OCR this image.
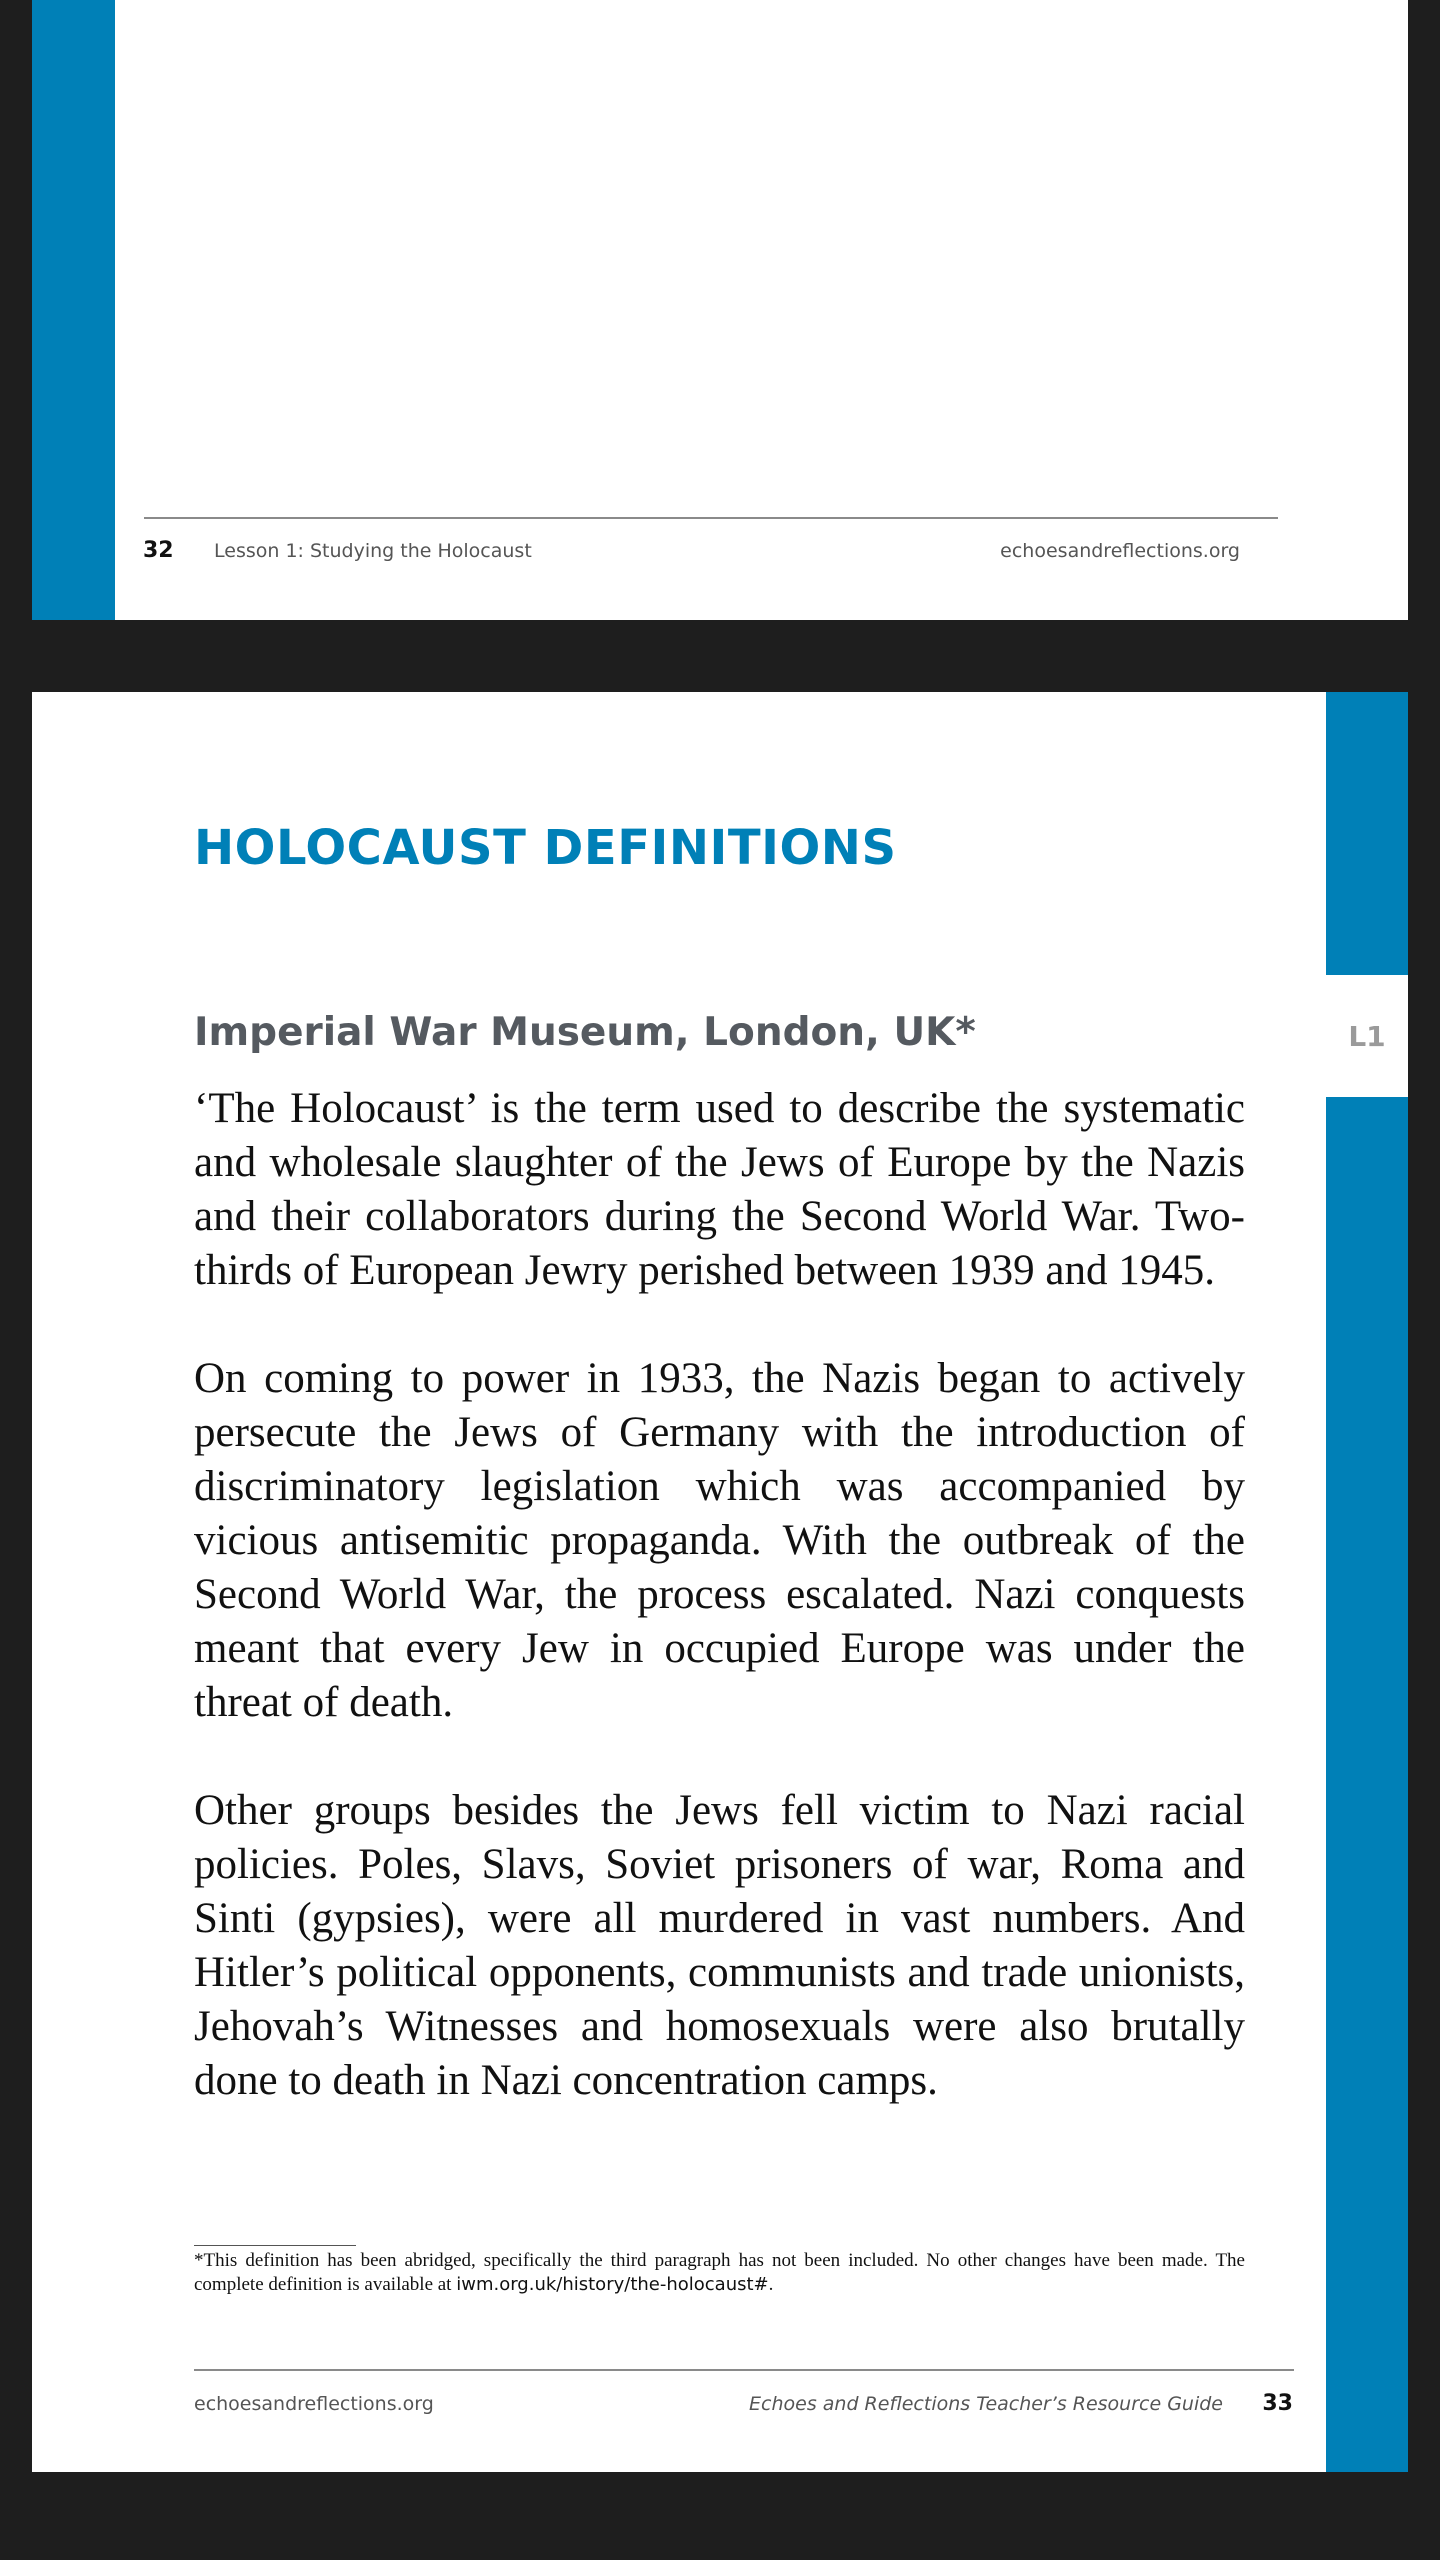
32 Lesson 1: Studying the Holocaust	echoesandreflections.org
L1
HOLOCAUST DEFINITIONS
Imperial War Museum, London, UK*

‘The Holocaust’ is the term used to describe the systematic and wholesale slaughter of the Jews of Europe by the Nazis and their collaborators during the Second World War. Two-thirds of European Jewry perished between 1939 and 1945.

On coming to power in 1933, the Nazis began to actively persecute the Jews of Germany with the introduction of discriminatory legislation which was accompanied by vicious antisemitic propaganda. With the outbreak of the Second World War, the process escalated. Nazi conquests meant that every Jew in occupied Europe was under the threat of death.

Other groups besides the Jews fell victim to Nazi racial policies. Poles, Slavs, Soviet prisoners of war, Roma and Sinti (gypsies), were all murdered in vast numbers. And Hitler’s political opponents, communists and trade unionists, Jehovah’s Witnesses and homosexuals were also brutally done to death in Nazi concentration camps.

*This definition has been abridged, specifically the third paragraph has not been included. No other changes have been made. The complete definition is available at iwm.org.uk/history/the-holocaust#.
echoesandreflections.org	Echoes and Reflections Teacher’s Resource Guide 33
